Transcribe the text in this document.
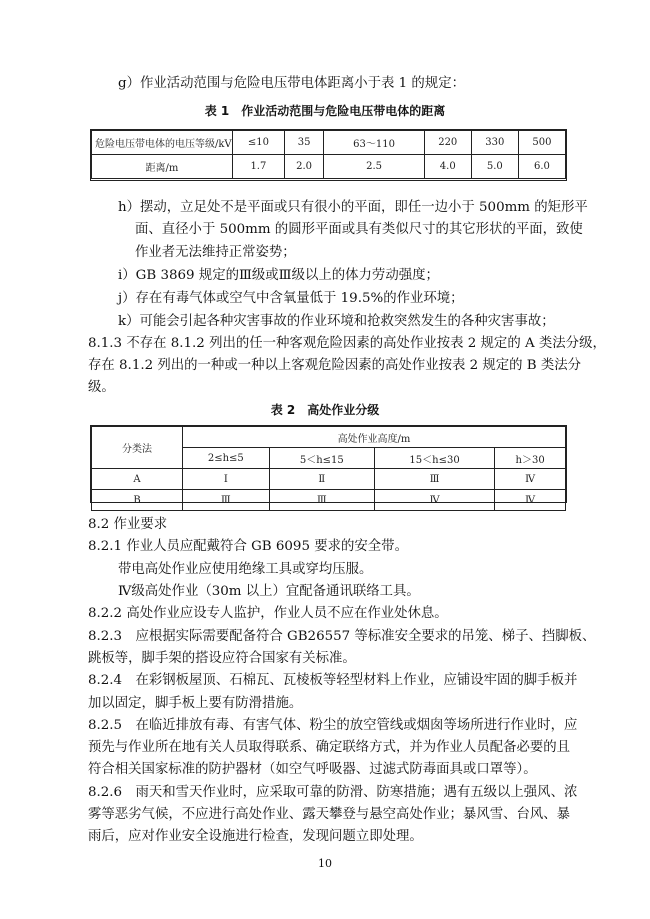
g）作业活动范围与危险电压带电体距离小于表 1 的规定：
表 1　作业活动范围与危险电压带电体的距离
危险电压带电体的电压等级/kV	≤10	35	63～110	220	330	500
距离/m	1.7	2.0	2.5	4.0	5.0	6.0
h）摆动，立足处不是平面或只有很小的平面，即任一边小于 500mm 的矩形平
面、直径小于 500mm 的圆形平面或具有类似尺寸的其它形状的平面，致使
作业者无法维持正常姿势；
i）GB 3869 规定的Ⅲ级或Ⅲ级以上的体力劳动强度；
j）存在有毒气体或空气中含氧量低于 19.5%的作业环境；
k）可能会引起各种灾害事故的作业环境和抢救突然发生的各种灾害事故；
8.1.3 不存在 8.1.2 列出的任一种客观危险因素的高处作业按表 2 规定的 A 类法分级，
存在 8.1.2 列出的一种或一种以上客观危险因素的高处作业按表 2 规定的 B 类法分
级。
表 2　高处作业分级
分类法	高处作业高度/m			
	2≤h≤5	5＜h≤15	15＜h≤30	h＞30
A	Ⅰ	Ⅱ	Ⅲ	Ⅳ
B	Ⅲ	Ⅲ	Ⅳ	Ⅳ
8.2 作业要求
8.2.1 作业人员应配戴符合 GB 6095 要求的安全带。
带电高处作业应使用绝缘工具或穿均压服。
Ⅳ级高处作业（30m 以上）宜配备通讯联络工具。
8.2.2 高处作业应设专人监护，作业人员不应在作业处休息。
8.2.3　应根据实际需要配备符合 GB26557 等标准安全要求的吊笼、梯子、挡脚板、
跳板等，脚手架的搭设应符合国家有关标准。
8.2.4　在彩钢板屋顶、石棉瓦、瓦棱板等轻型材料上作业，应铺设牢固的脚手板并
加以固定，脚手板上要有防滑措施。
8.2.5　在临近排放有毒、有害气体、粉尘的放空管线或烟囱等场所进行作业时，应
预先与作业所在地有关人员取得联系、确定联络方式，并为作业人员配备必要的且
符合相关国家标准的防护器材（如空气呼吸器、过滤式防毒面具或口罩等）。
8.2.6　雨天和雪天作业时，应采取可靠的防滑、防寒措施；遇有五级以上强风、浓
雾等恶劣气候，不应进行高处作业、露天攀登与悬空高处作业；暴风雪、台风、暴
雨后，应对作业安全设施进行检查，发现问题立即处理。
10
